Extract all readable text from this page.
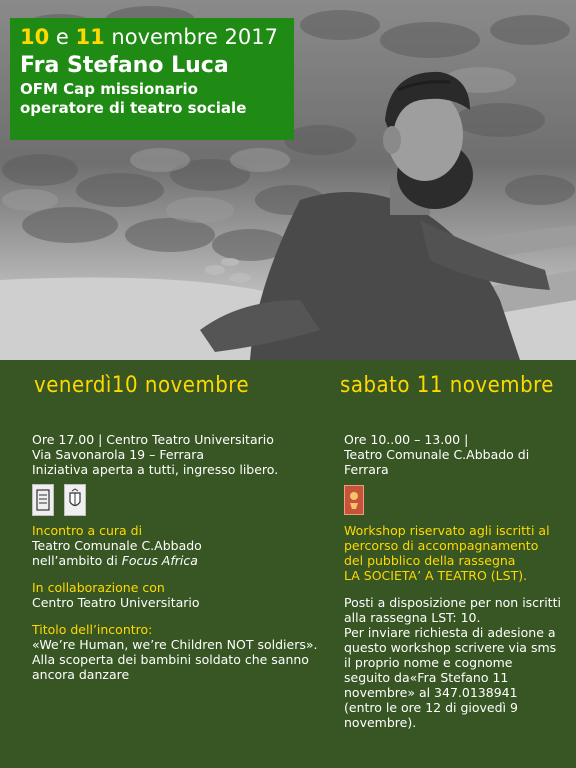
10 e 11 novembre 2017
Fra Stefano Luca
OFM Cap missionario
operatore di teatro sociale
venerdì10 novembre	sabato 11 novembre
Ore 17.00 | Centro Teatro Universitario
Via Savonarola 19 – Ferrara
Iniziativa aperta a tutti, ingresso libero.
Incontro a cura di
Teatro Comunale C.Abbado
nell’ambito di Focus Africa
In collaborazione con
Centro Teatro Universitario
Titolo dell’incontro:
«We’re Human, we’re Children NOT soldiers».
Alla scoperta dei bambini soldato che sanno
ancora danzare
Ore 10..00 – 13.00 |
Teatro Comunale C.Abbado di
Ferrara
Workshop riservato agli iscritti al
percorso di accompagnamento
del pubblico della rassegna
LA SOCIETA’ A TEATRO (LST).
Posti a disposizione per non iscritti
alla rassegna LST: 10.
Per inviare richiesta di adesione a
questo workshop scrivere via sms
il proprio nome e cognome
seguito da«Fra Stefano 11
novembre» al 347.0138941
(entro le ore 12 di giovedì 9
novembre).
